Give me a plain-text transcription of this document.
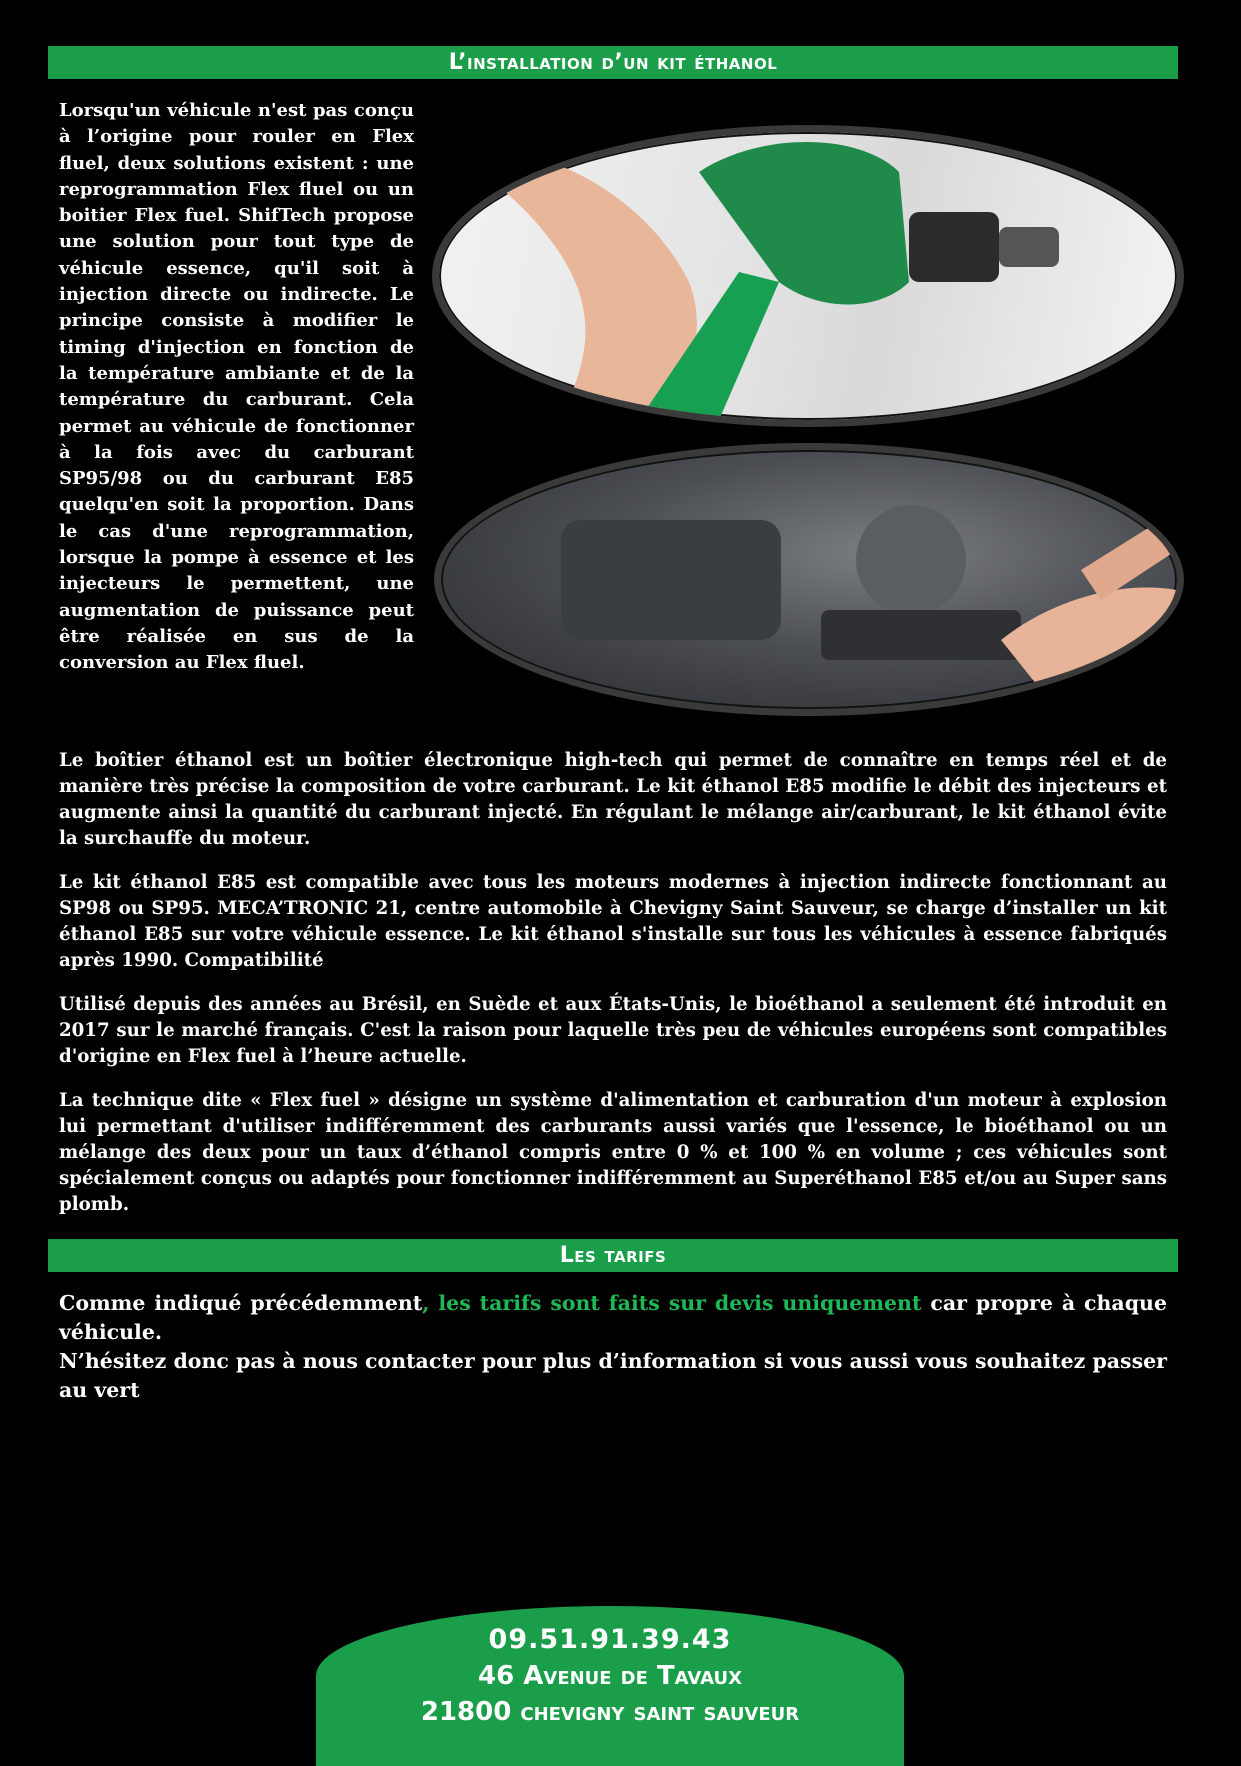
L’installation d’un kit éthanol

Lorsqu'un véhicule n'est pas conçu à l’origine pour rouler en Flex fluel, deux solutions existent : une reprogrammation Flex fluel ou un boitier Flex fuel. ShifTech propose une solution pour tout type de véhicule essence, qu'il soit à injection directe ou indirecte. Le principe consiste à modifier le timing d'injection en fonction de la température ambiante et de la température du carburant. Cela permet au véhicule de fonctionner à la fois avec du carburant SP95/98 ou du carburant E85 quelqu'en soit la proportion. Dans le cas d'une reprogrammation, lorsque la pompe à essence et les injecteurs le permettent, une augmentation de puissance peut être réalisée en sus de la conversion au Flex fluel.

Le boîtier éthanol est un boîtier électronique high-tech qui permet de connaître en temps réel et de manière très précise la composition de votre carburant. Le kit éthanol E85 modifie le débit des injecteurs et augmente ainsi la quantité du carburant injecté. En régulant le mélange air/carburant, le kit éthanol évite la surchauffe du moteur.

Le kit éthanol E85 est compatible avec tous les moteurs modernes à injection indirecte fonctionnant au SP98 ou SP95. MECA’TRONIC 21, centre automobile à Chevigny Saint Sauveur, se charge d’installer un kit éthanol E85 sur votre véhicule essence. Le kit éthanol s'installe sur tous les véhicules à essence fabriqués après 1990. Compatibilité

Utilisé depuis des années au Brésil, en Suède et aux États-Unis, le bioéthanol a seulement été introduit en 2017 sur le marché français. C'est la raison pour laquelle très peu de véhicules européens sont compatibles d'origine en Flex fuel à l’heure actuelle.

La technique dite « Flex fuel » désigne un système d'alimentation et carburation d'un moteur à explosion lui permettant d'utiliser indifféremment des carburants aussi variés que l'essence, le bioéthanol ou un mélange des deux pour un taux d’éthanol compris entre 0 % et 100 % en volume ; ces véhicules sont spécialement conçus ou adaptés pour fonctionner indifféremment au Superéthanol E85 et/ou au Super sans plomb.

Les tarifs
Comme indiqué précédemment, les tarifs sont faits sur devis uniquement car propre à chaque véhicule.
N’hésitez donc pas à nous contacter pour plus d’information si vous aussi vous souhaitez passer au vert
09.51.91.39.43
46 Avenue de Tavaux
21800 chevigny saint sauveur
